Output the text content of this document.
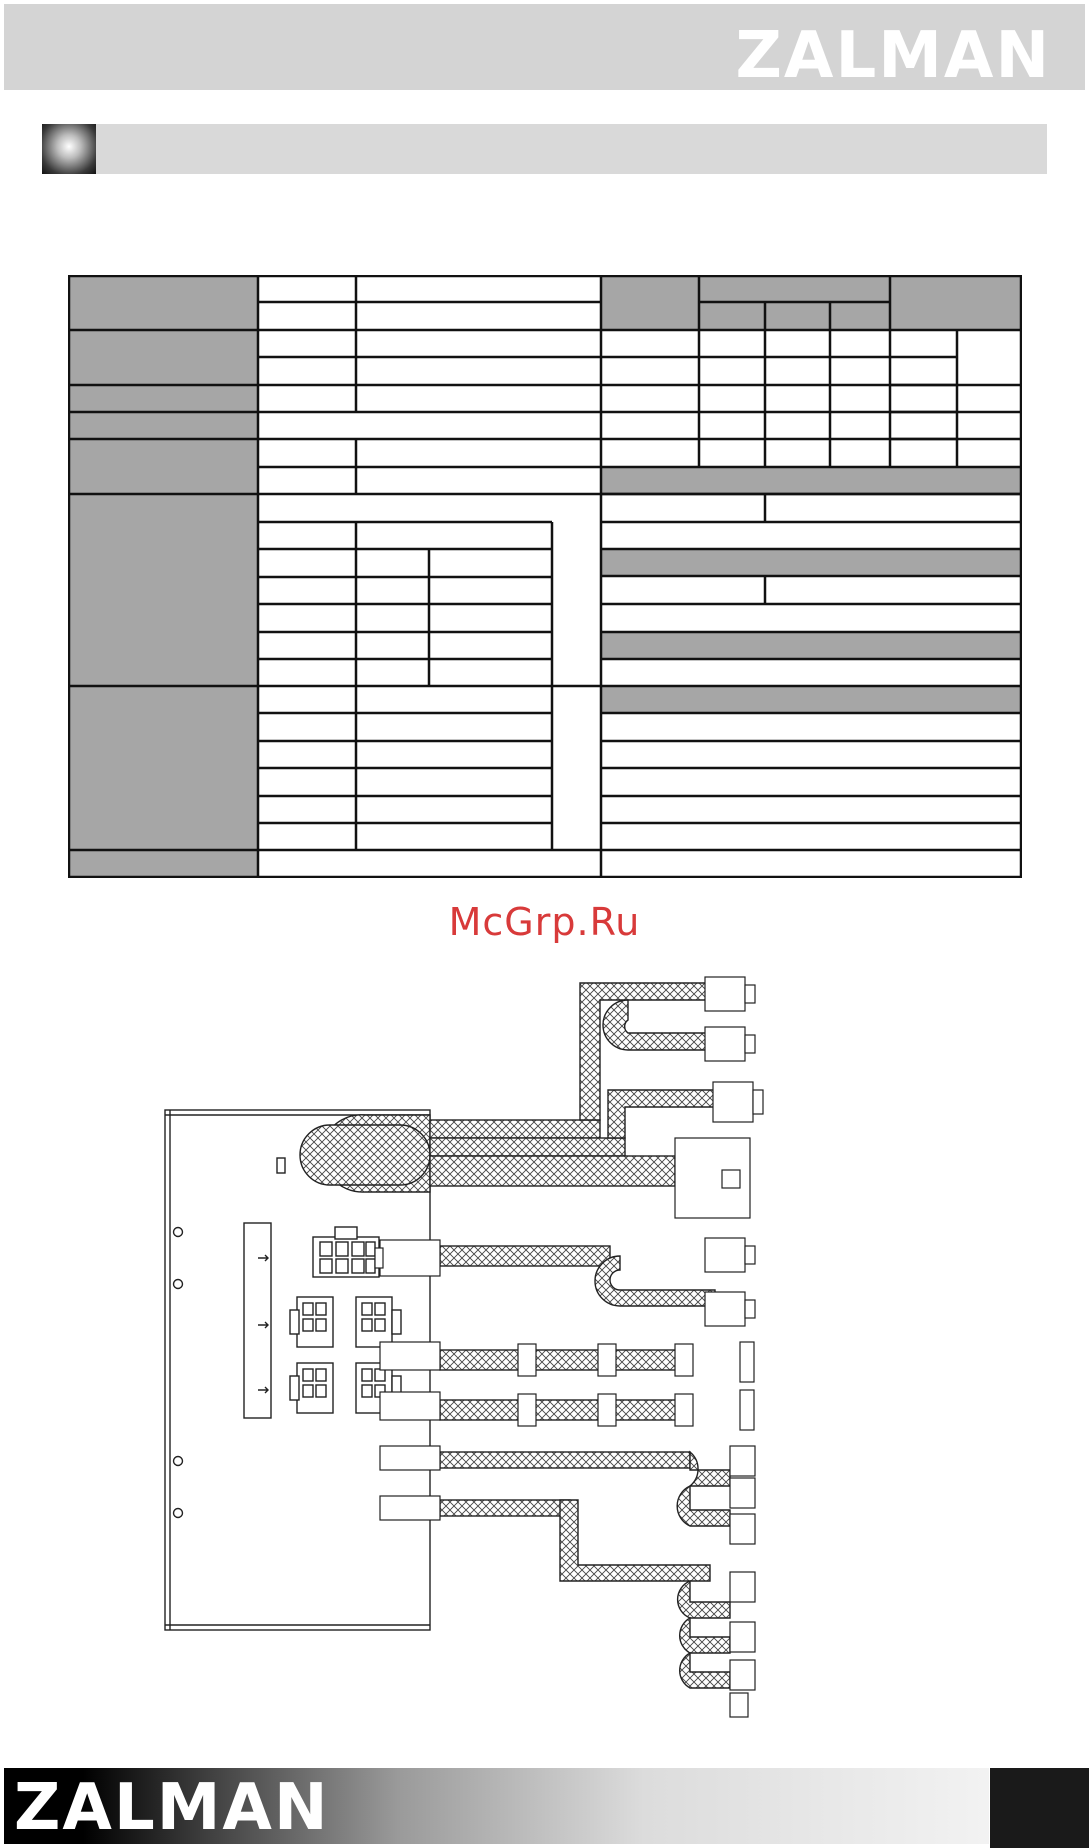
ZALMAN
McGrp.Ru
ZALMAN
